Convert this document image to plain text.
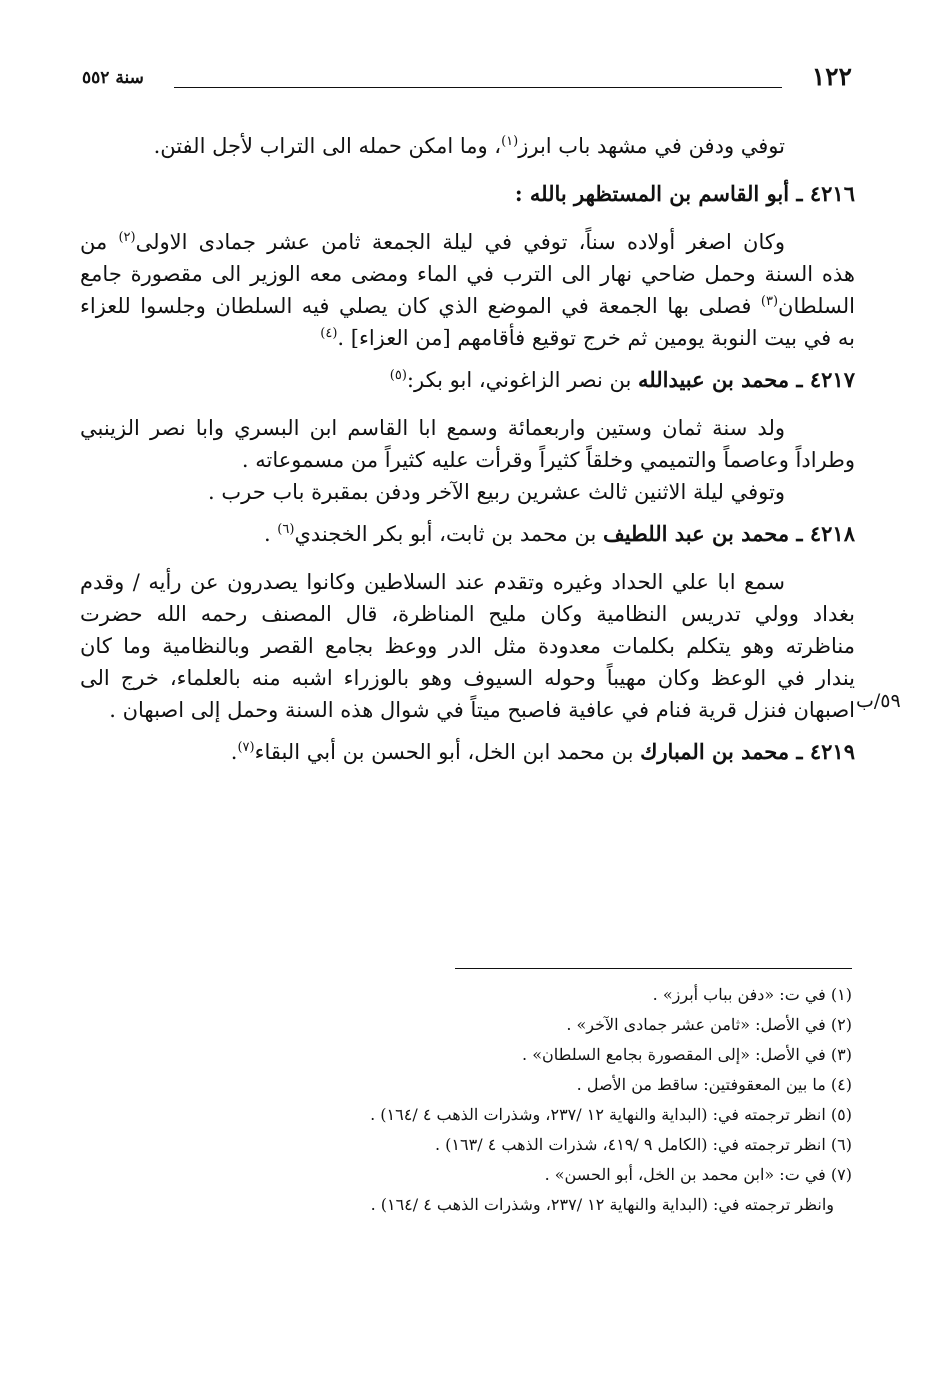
١٢٢
سنة ٥٥٢
٥٩/ب
توفي ودفن في مشهد باب ابرز$^{(١)}$، وما امكن حمله الى التراب لأجل الفتن.
٤٢١٦ ـ أبو القاسم بن المستظهر بالله :
وكان اصغر أولاده سناً، توفي في ليلة الجمعة ثامن عشر جمادى الاولى$^{(٢)}$ من
هذه السنة وحمل ضاحي نهار الى الترب في الماء ومضى معه الوزير الى مقصورة جامع
السلطان$^{(٣)}$ فصلى بها الجمعة في الموضع الذي كان يصلي فيه السلطان وجلسوا للعزاء
به في بيت النوبة يومين ثم خرج توقيع فأقامهم [من العزاء] .$^{(٤)}$
٤٢١٧ ـ محمد بن عبيدالله بن نصر الزاغوني، ابو بكر:$^{(٥)}$
ولد سنة ثمان وستين واربعمائة وسمع ابا القاسم ابن البسري وابا نصر الزينبي
وطراداً وعاصماً والتميمي وخلقاً كثيراً وقرأت عليه كثيراً من مسموعاته .
وتوفي ليلة الاثنين ثالث عشرين ربيع الآخر ودفن بمقبرة باب حرب .
٤٢١٨ ـ محمد بن عبد اللطيف بن محمد بن ثابت، أبو بكر الخجندي$^{(٦)}$ .
سمع ابا علي الحداد وغيره وتقدم عند السلاطين وكانوا يصدرون عن رأيه / وقدم
بغداد وولي تدريس النظامية وكان مليح المناظرة، قال المصنف رحمه الله حضرت
مناظرته وهو يتكلم بكلمات معدودة مثل الدر ووعظ بجامع القصر وبالنظامية وما كان
يندار في الوعظ وكان مهيباً وحوله السيوف وهو بالوزراء اشبه منه بالعلماء، خرج الى
اصبهان فنزل قرية فنام في عافية فاصبح ميتاً في شوال هذه السنة وحمل إلى اصبهان .
٤٢١٩ ـ محمد بن المبارك بن محمد ابن الخل، أبو الحسن بن أبي البقاء$^{(٧)}$.
(١) في ت: «دفن بباب أبرز» .
(٢) في الأصل: «ثامن عشر جمادى الآخر» .
(٣) في الأصل: «إلى المقصورة بجامع السلطان» .
(٤) ما بين المعقوفتين: ساقط من الأصل .
(٥) انظر ترجمته في: (البداية والنهاية ١٢ /٢٣٧، وشذرات الذهب ٤ /١٦٤) .
(٦) انظر ترجمته في: (الكامل ٩ /٤١٩، شذرات الذهب ٤ /١٦٣) .
(٧) في ت: «ابن محمد بن الخل، أبو الحسن» .
وانظر ترجمته في: (البداية والنهاية ١٢ /٢٣٧، وشذرات الذهب ٤ /١٦٤) .
